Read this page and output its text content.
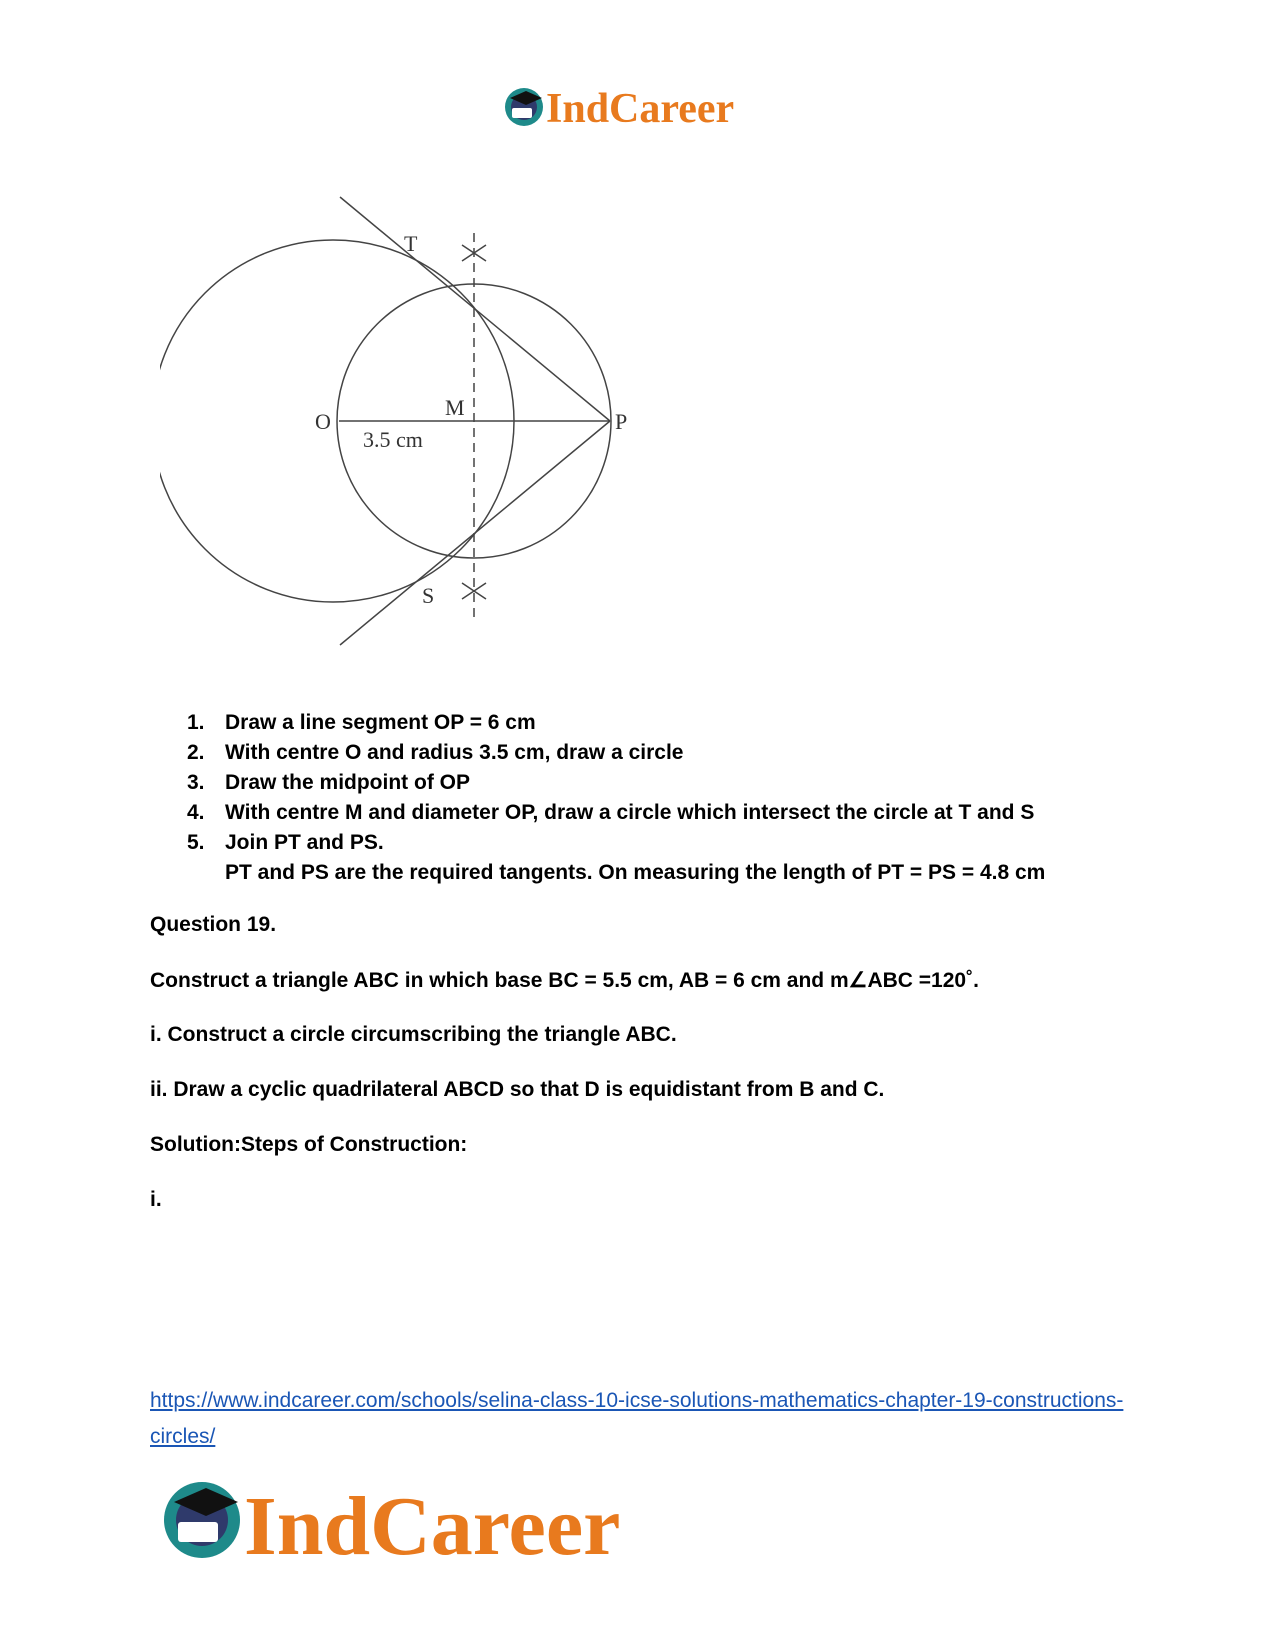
IndCareer
T
O
M
P
S
3.5 cm
1. Draw a line segment OP = 6 cm
2. With centre O and radius 3.5 cm, draw a circle
3. Draw the midpoint of OP
4. With centre M and diameter OP, draw a circle which intersect the circle at T and S
5. Join PT and PS.
PT and PS are the required tangents. On measuring the length of PT = PS = 4.8 cm

Question 19.

Construct a triangle ABC in which base BC = 5.5 cm, AB = 6 cm and m∠ABC =120˚.

i. Construct a circle circumscribing the triangle ABC.

ii. Draw a cyclic quadrilateral ABCD so that D is equidistant from B and C.

Solution:Steps of Construction:

i.

https://www.indcareer.com/schools/selina-class-10-icse-solutions-mathematics-chapter-19-constructions-circles/
IndCareer
